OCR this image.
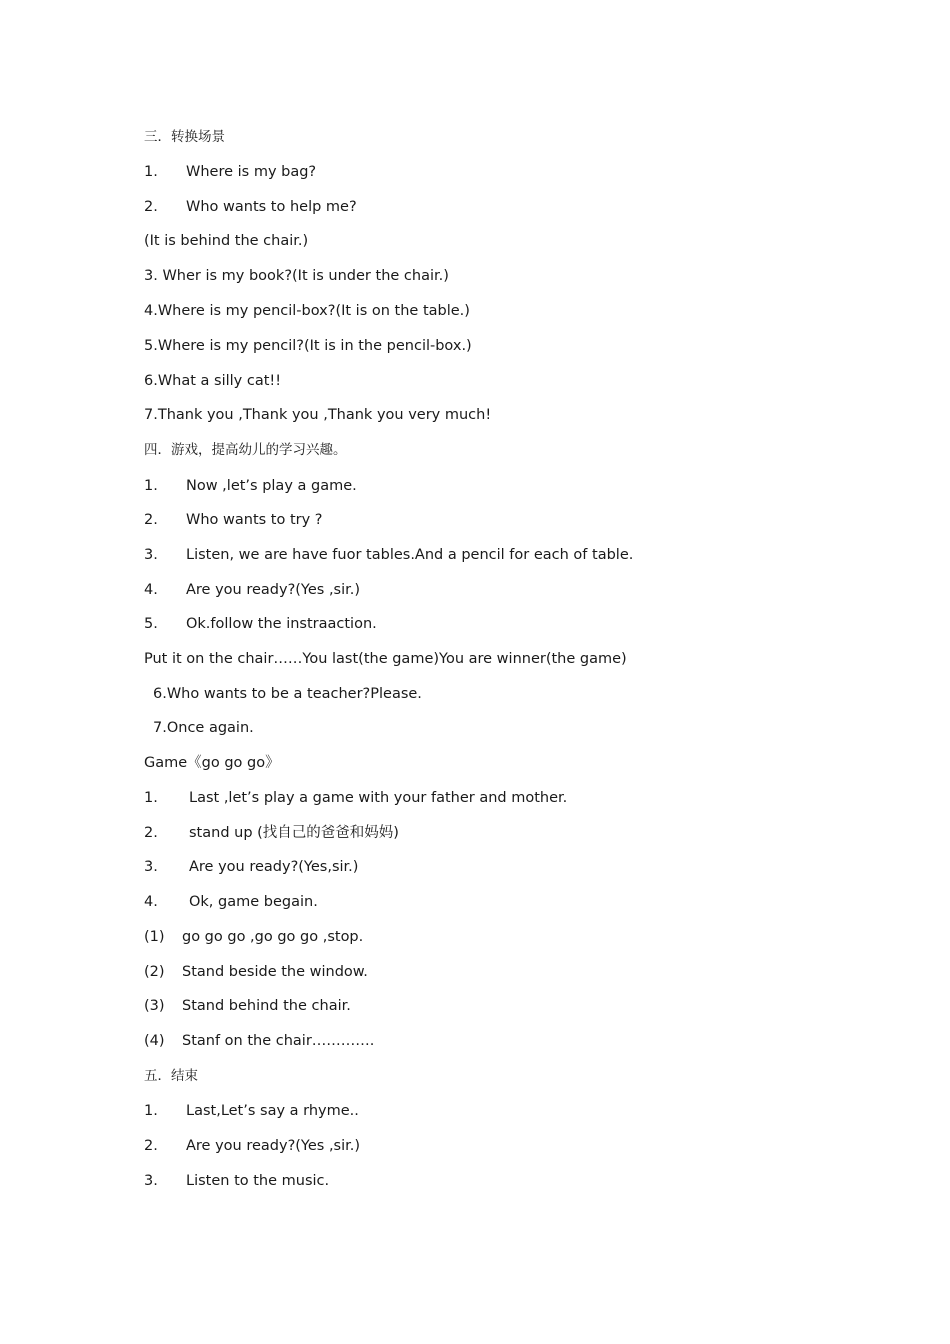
三．转换场景
1. Where is my bag?
2. Who wants to help me?
(It is behind the chair.)
3. Wher is my book?(It is under the chair.)
4.Where is my pencil-box?(It is on the table.)
5.Where is my pencil?(It is in the pencil-box.)
6.What a silly cat!!
7.Thank you ,Thank you ,Thank you very much!
四．游戏，提高幼儿的学习兴趣。
1. Now ,let’s play a game.
2. Who wants to try ?
3. Listen, we are have fuor tables.And a pencil for each of table.
4. Are you ready?(Yes ,sir.)
5. Ok.follow the instraaction.
Put it on the chair……You last(the game)You are winner(the game)
6.Who wants to be a teacher?Please.
7.Once again.
Game《go go go》
1. Last ,let’s play a game with your father and mother.
2. stand up (找自己的爸爸和妈妈)
3. Are you ready?(Yes,sir.)
4. Ok, game begain.
(1) go go go ,go go go ,stop.
(2) Stand beside the window.
(3) Stand behind the chair.
(4) Stanf on the chair………….
五．结束
1. Last,Let’s say a rhyme..
2. Are you ready?(Yes ,sir.)
3. Listen to the music.
